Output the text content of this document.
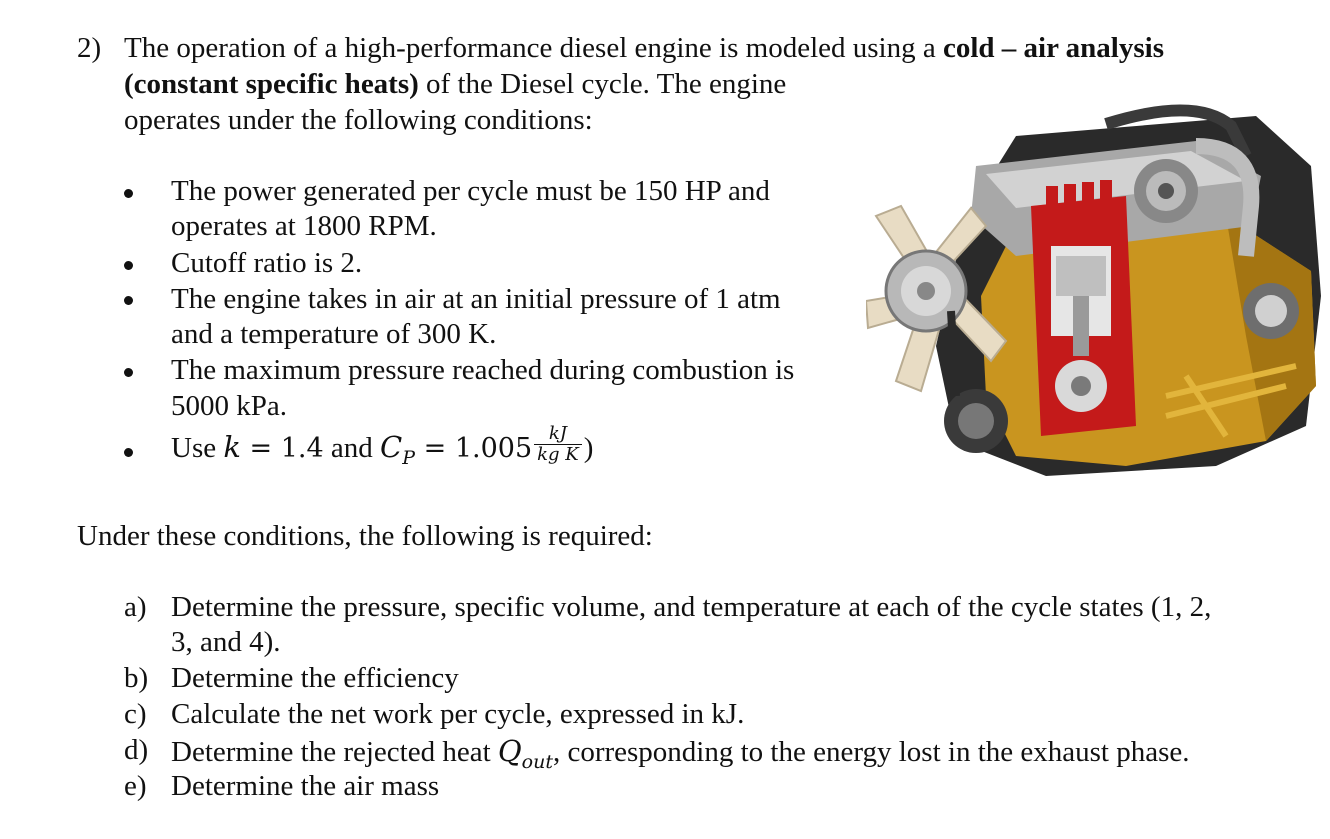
2) The operation of a high-performance diesel engine is modeled using a cold – air analysis
(constant specific heats) of the Diesel cycle. The engine
operates under the following conditions:
The power generated per cycle must be 150 HP and
operates at 1800 RPM.
Cutoff ratio is 2.
The engine takes in air at an initial pressure of 1 atm
and a temperature of 300 K.
The maximum pressure reached during combustion is
5000 kPa.
Use k = 1.4 and $C_P = 1.005 \frac{kJ}{\text{kg K}}$ )
Under these conditions, the following is required:
a) Determine the pressure, specific volume, and temperature at each of the cycle states (1, 2,
3, and 4).
b) Determine the efficiency
c) Calculate the net work per cycle, expressed in kJ.
d) Determine the rejected heat $Q_{out}$, corresponding to the energy lost in the exhaust phase.
e) Determine the air mass
